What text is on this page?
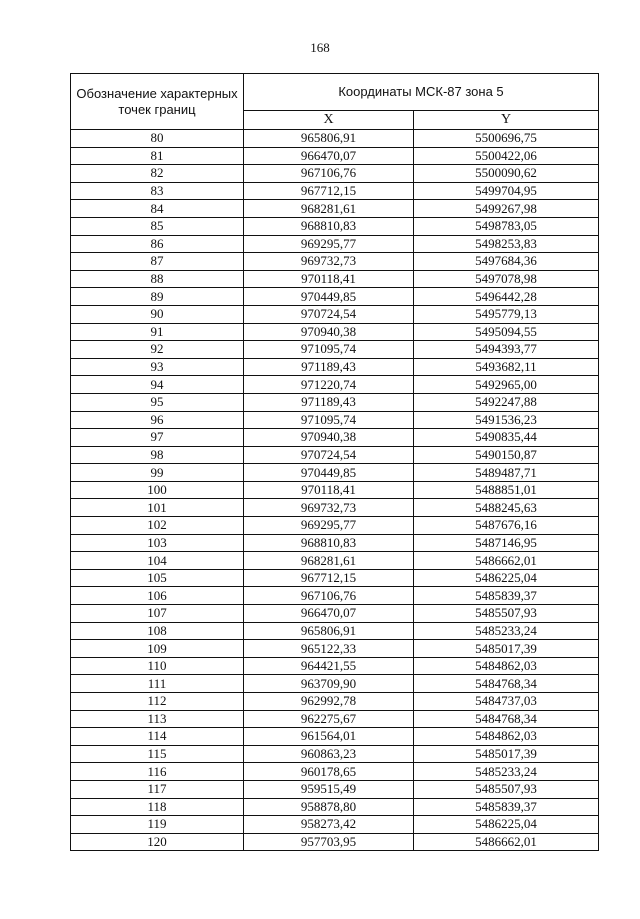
168
Обозначение характерных точек границ	Координаты МСК-87 зона 5	
	X	Y
80	965806,91	5500696,75
81	966470,07	5500422,06
82	967106,76	5500090,62
83	967712,15	5499704,95
84	968281,61	5499267,98
85	968810,83	5498783,05
86	969295,77	5498253,83
87	969732,73	5497684,36
88	970118,41	5497078,98
89	970449,85	5496442,28
90	970724,54	5495779,13
91	970940,38	5495094,55
92	971095,74	5494393,77
93	971189,43	5493682,11
94	971220,74	5492965,00
95	971189,43	5492247,88
96	971095,74	5491536,23
97	970940,38	5490835,44
98	970724,54	5490150,87
99	970449,85	5489487,71
100	970118,41	5488851,01
101	969732,73	5488245,63
102	969295,77	5487676,16
103	968810,83	5487146,95
104	968281,61	5486662,01
105	967712,15	5486225,04
106	967106,76	5485839,37
107	966470,07	5485507,93
108	965806,91	5485233,24
109	965122,33	5485017,39
110	964421,55	5484862,03
111	963709,90	5484768,34
112	962992,78	5484737,03
113	962275,67	5484768,34
114	961564,01	5484862,03
115	960863,23	5485017,39
116	960178,65	5485233,24
117	959515,49	5485507,93
118	958878,80	5485839,37
119	958273,42	5486225,04
120	957703,95	5486662,01
